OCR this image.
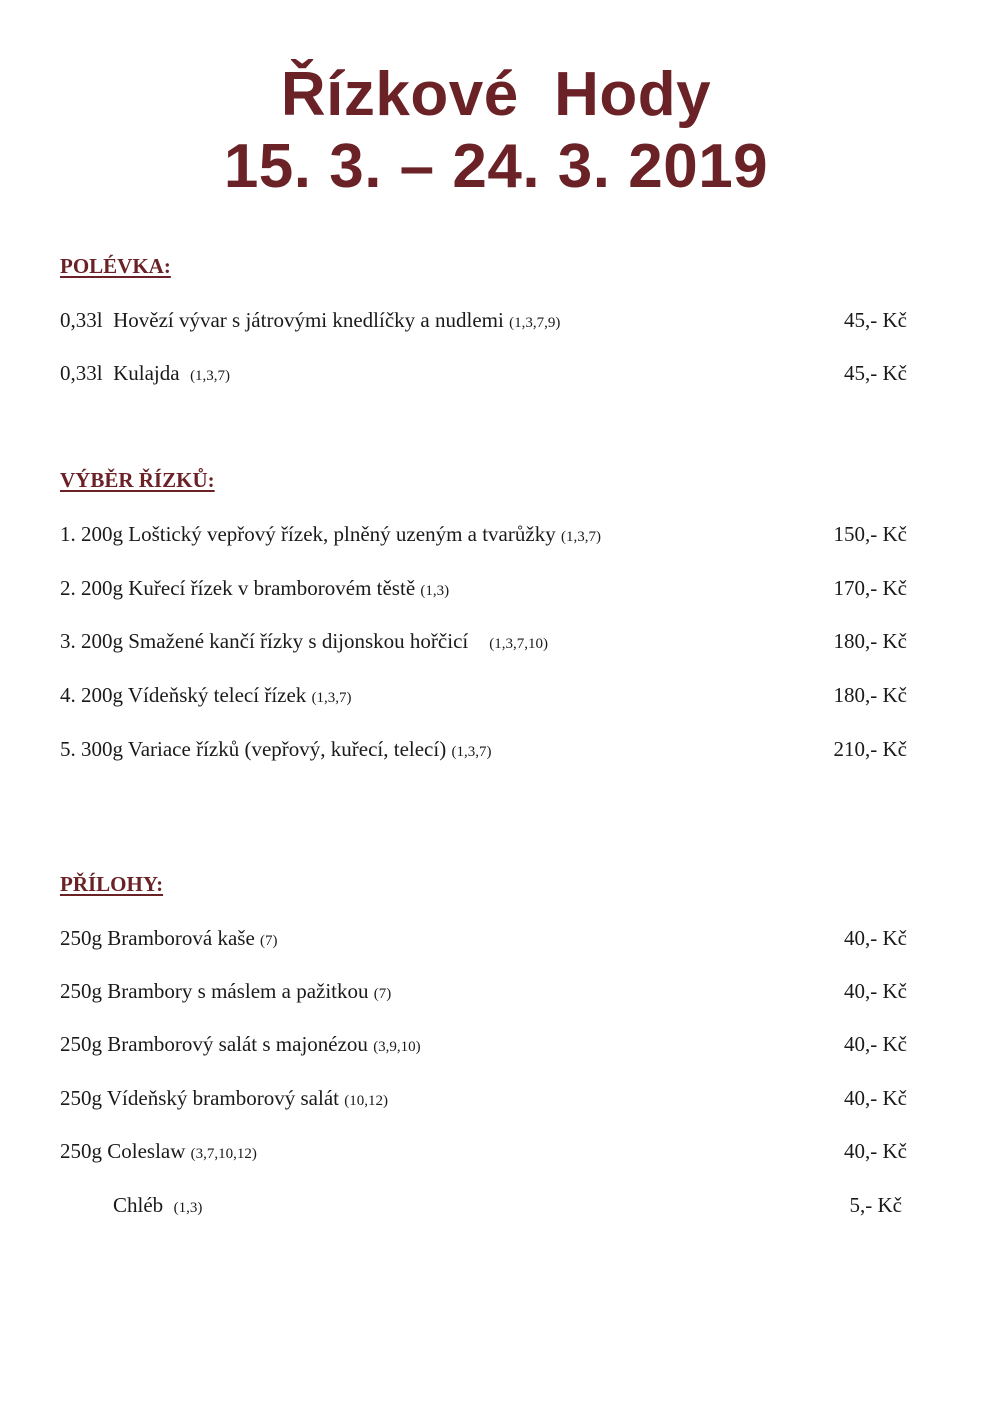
Řízkové  Hody
15. 3. – 24. 3. 2019
POLÉVKA:
0,33l  Hovězí vývar s játrovými knedlíčky a nudlemi (1,3,7,9)	45,- Kč
0,33l  Kulajda  (1,3,7)	45,- Kč
VÝBĚR ŘÍZKŮ:
1. 200g Loštický vepřový řízek, plněný uzeným a tvarůžky (1,3,7)	150,- Kč
2. 200g Kuřecí řízek v bramborovém těstě (1,3)	170,- Kč
3. 200g Smažené kančí řízky s dijonskou hořčicí    (1,3,7,10)	180,- Kč
4. 200g Vídeňský telecí řízek (1,3,7)	180,- Kč
5. 300g Variace řízků (vepřový, kuřecí, telecí) (1,3,7)	210,- Kč
PŘÍLOHY:
250g Bramborová kaše (7)	40,- Kč
250g Brambory s máslem a pažitkou (7)	40,- Kč
250g Bramborový salát s majonézou (3,9,10)	40,- Kč
250g Vídeňský bramborový salát (10,12)	40,- Kč
250g Coleslaw (3,7,10,12)	40,- Kč
Chléb  (1,3)	5,- Kč
